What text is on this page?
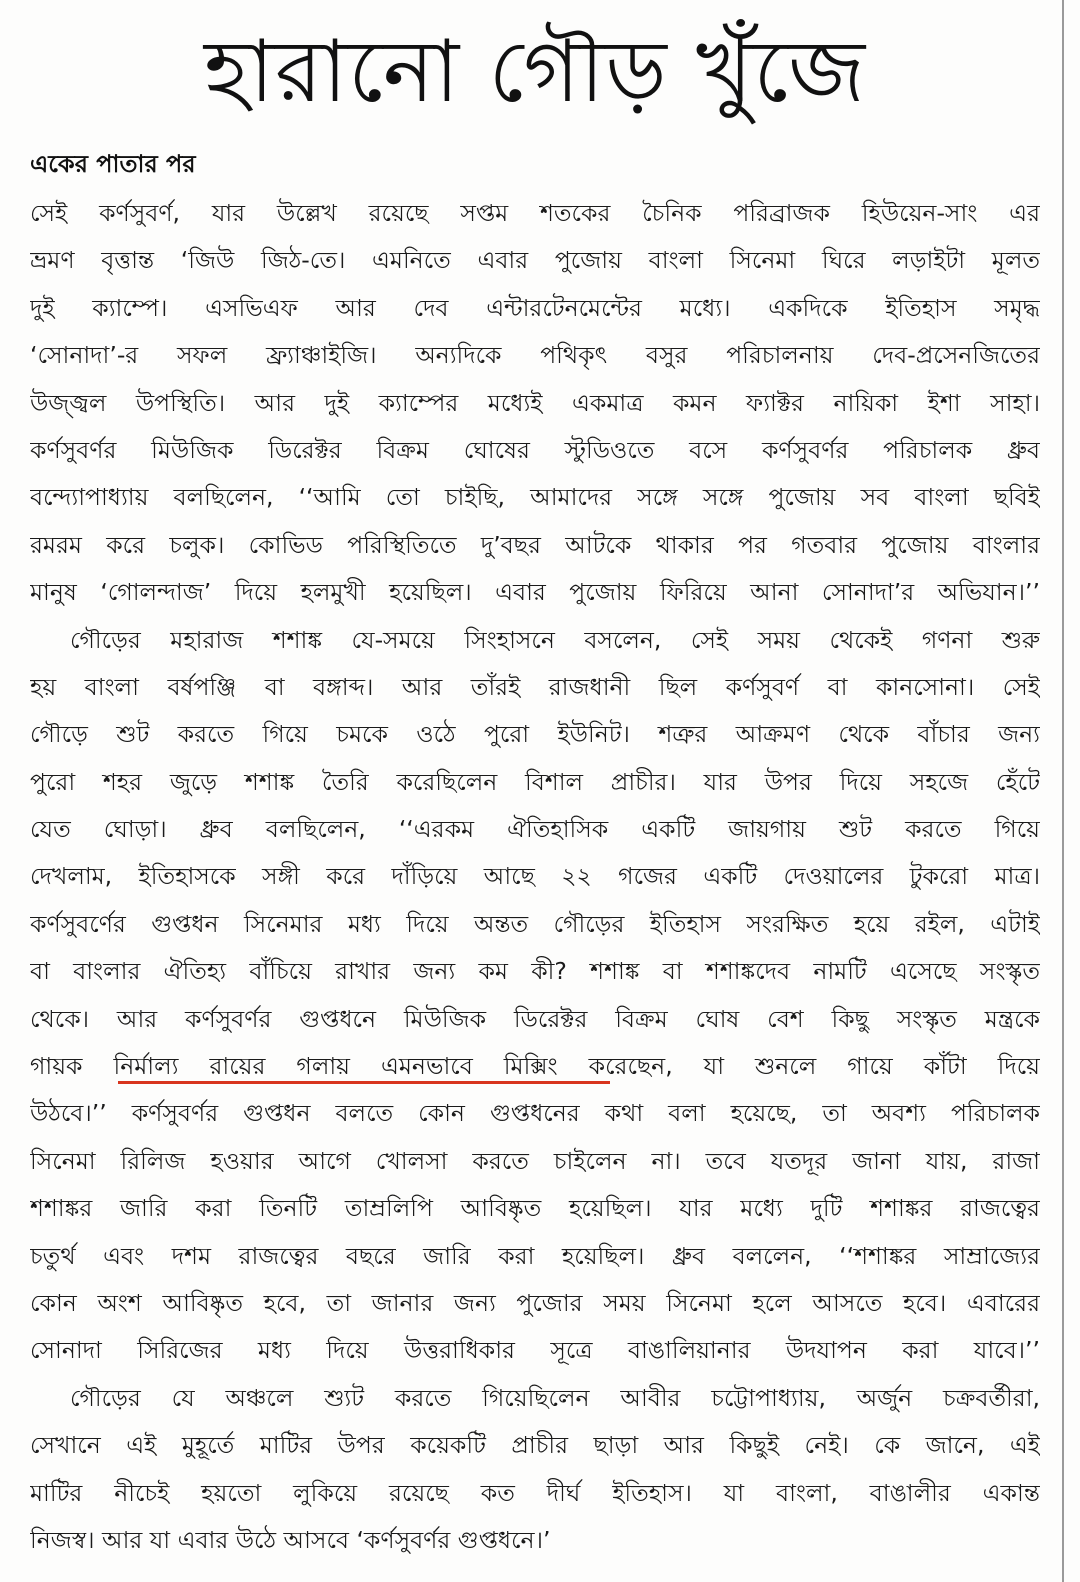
হারানো গৌড় খুঁজে
একের পাতার পর
সেই কর্ণসুবর্ণ, যার উল্লেখ রয়েছে সপ্তম শতকের চৈনিক পরিব্রাজক হিউয়েন-সাং এর
ভ্রমণ বৃত্তান্ত ‘জিউ জিঠ-তে। এমনিতে এবার পুজোয় বাংলা সিনেমা ঘিরে লড়াইটা মূলত
দুই ক্যাম্পে। এসভিএফ আর দেব এন্টারটেনমেন্টের মধ্যে। একদিকে ইতিহাস সমৃদ্ধ
‘সোনাদা’-র সফল ফ্র্যাঞ্চাইজি। অন্যদিকে পথিকৃৎ বসুর পরিচালনায় দেব-প্রসেনজিতের
উজ্জ্বল উপস্থিতি। আর দুই ক্যাম্পের মধ্যেই একমাত্র কমন ফ্যাক্টর নায়িকা ইশা সাহা।
কর্ণসুবর্ণর মিউজিক ডিরেক্টর বিক্রম ঘোষের স্টুডিওতে বসে কর্ণসুবর্ণর পরিচালক ধ্রুব
বন্দ্যোপাধ্যায় বলছিলেন, ‘‘আমি তো চাইছি, আমাদের সঙ্গে সঙ্গে পুজোয় সব বাংলা ছবিই
রমরম করে চলুক। কোভিড পরিস্থিতিতে দু’বছর আটকে থাকার পর গতবার পুজোয় বাংলার
মানুষ ‘গোলন্দাজ’ দিয়ে হলমুখী হয়েছিল। এবার পুজোয় ফিরিয়ে আনা সোনাদা’র অভিযান।’’
গৌড়ের মহারাজ শশাঙ্ক যে-সময়ে সিংহাসনে বসলেন, সেই সময় থেকেই গণনা শুরু
হয় বাংলা বর্ষপঞ্জি বা বঙ্গাব্দ। আর তাঁরই রাজধানী ছিল কর্ণসুবর্ণ বা কানসোনা। সেই
গৌড়ে শুট করতে গিয়ে চমকে ওঠে পুরো ইউনিট। শত্রুর আক্রমণ থেকে বাঁচার জন্য
পুরো শহর জুড়ে শশাঙ্ক তৈরি করেছিলেন বিশাল প্রাচীর। যার উপর দিয়ে সহজে হেঁটে
যেত ঘোড়া। ধ্রুব বলছিলেন, ‘‘এরকম ঐতিহাসিক একটি জায়গায় শুট করতে গিয়ে
দেখলাম, ইতিহাসকে সঙ্গী করে দাঁড়িয়ে আছে ২২ গজের একটি দেওয়ালের টুকরো মাত্র।
কর্ণসুবর্ণের গুপ্তধন সিনেমার মধ্য দিয়ে অন্তত গৌড়ের ইতিহাস সংরক্ষিত হয়ে রইল, এটাই
বা বাংলার ঐতিহ্য বাঁচিয়ে রাখার জন্য কম কী? শশাঙ্ক বা শশাঙ্কদেব নামটি এসেছে সংস্কৃত
থেকে। আর কর্ণসুবর্ণর গুপ্তধনে মিউজিক ডিরেক্টর বিক্রম ঘোষ বেশ কিছু সংস্কৃত মন্ত্রকে
গায়ক নির্মাল্য রায়ের গলায় এমনভাবে মিক্সিং করেছেন, যা শুনলে গায়ে কাঁটা দিয়ে
উঠবে।’’ কর্ণসুবর্ণর গুপ্তধন বলতে কোন গুপ্তধনের কথা বলা হয়েছে, তা অবশ্য পরিচালক
সিনেমা রিলিজ হওয়ার আগে খোলসা করতে চাইলেন না। তবে যতদূর জানা যায়, রাজা
শশাঙ্কর জারি করা তিনটি তাম্রলিপি আবিষ্কৃত হয়েছিল। যার মধ্যে দুটি শশাঙ্কর রাজত্বের
চতুর্থ এবং দশম রাজত্বের বছরে জারি করা হয়েছিল। ধ্রুব বললেন, ‘‘শশাঙ্কর সাম্রাজ্যের
কোন অংশ আবিষ্কৃত হবে, তা জানার জন্য পুজোর সময় সিনেমা হলে আসতে হবে। এবারের
সোনাদা সিরিজের মধ্য দিয়ে উত্তরাধিকার সূত্রে বাঙালিয়ানার উদযাপন করা যাবে।’’
গৌড়ের যে অঞ্চলে শ্যুট করতে গিয়েছিলেন আবীর চট্টোপাধ্যায়, অর্জুন চক্রবর্তীরা,
সেখানে এই মুহূর্তে মাটির উপর কয়েকটি প্রাচীর ছাড়া আর কিছুই নেই। কে জানে, এই
মাটির নীচেই হয়তো লুকিয়ে রয়েছে কত দীর্ঘ ইতিহাস। যা বাংলা, বাঙালীর একান্ত
নিজস্ব। আর যা এবার উঠে আসবে ‘কর্ণসুবর্ণর গুপ্তধনে।’
